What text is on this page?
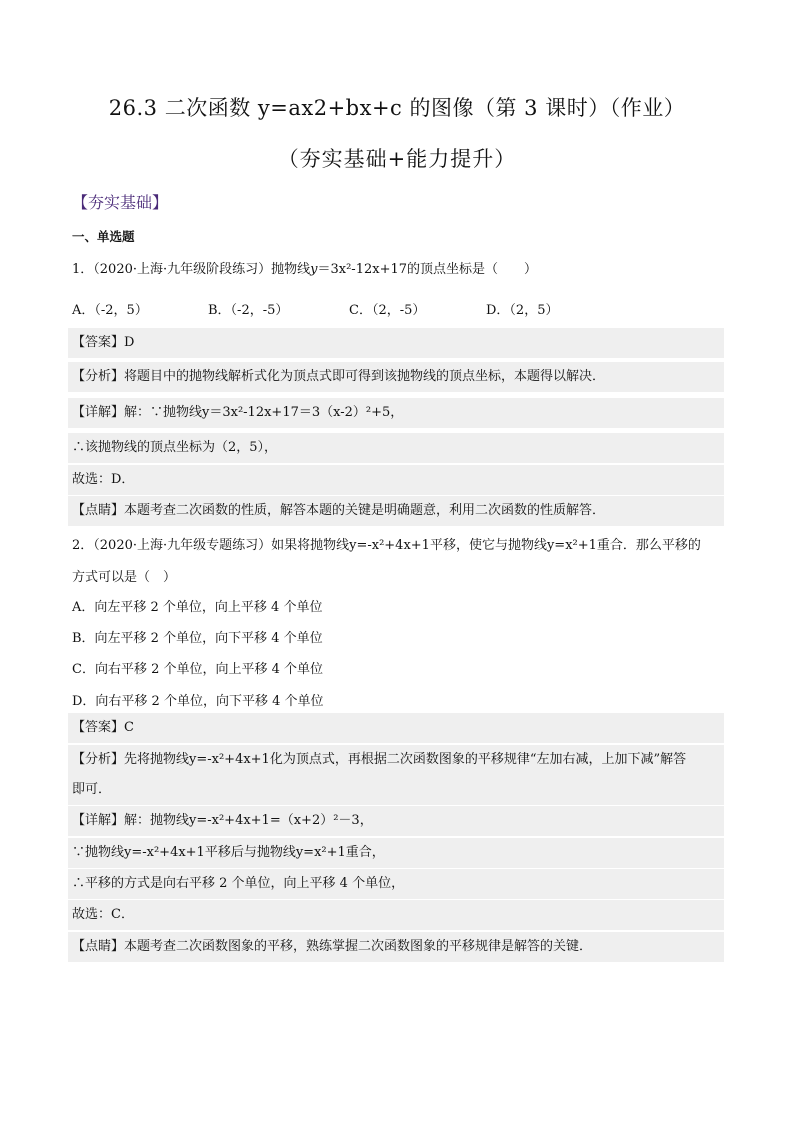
26.3 二次函数 y=ax2+bx+c 的图像（第 3 课时）（作业）
（夯实基础+能力提升）
【夯实基础】
一、单选题
1．（2020·上海·九年级阶段练习）抛物线y＝3x²-12x+17的顶点坐标是（　　）
A．（-2，5）	B．（-2，-5）	C．（2，-5）	D．（2，5）
【答案】D
【分析】将题目中的抛物线解析式化为顶点式即可得到该抛物线的顶点坐标，本题得以解决．
【详解】解：∵抛物线y＝3x²-12x+17＝3（x-2）²+5，
∴该抛物线的顶点坐标为（2，5），
故选：D．
【点睛】本题考查二次函数的性质，解答本题的关键是明确题意，利用二次函数的性质解答．
2．（2020·上海·九年级专题练习）如果将抛物线y=-x²+4x+1平移，使它与抛物线y=x²+1重合．那么平移的
方式可以是（　）
A．向左平移 2 个单位，向上平移 4 个单位
B．向左平移 2 个单位，向下平移 4 个单位
C．向右平移 2 个单位，向上平移 4 个单位
D．向右平移 2 个单位，向下平移 4 个单位
【答案】C
【分析】先将抛物线y=-x²+4x+1化为顶点式，再根据二次函数图象的平移规律“左加右减，上加下减”解答
即可．
【详解】解：抛物线y=-x²+4x+1=（x+2）²－3，
∵抛物线y=-x²+4x+1平移后与抛物线y=x²+1重合，
∴平移的方式是向右平移 2 个单位，向上平移 4 个单位，
故选：C．
【点睛】本题考查二次函数图象的平移，熟练掌握二次函数图象的平移规律是解答的关键．
